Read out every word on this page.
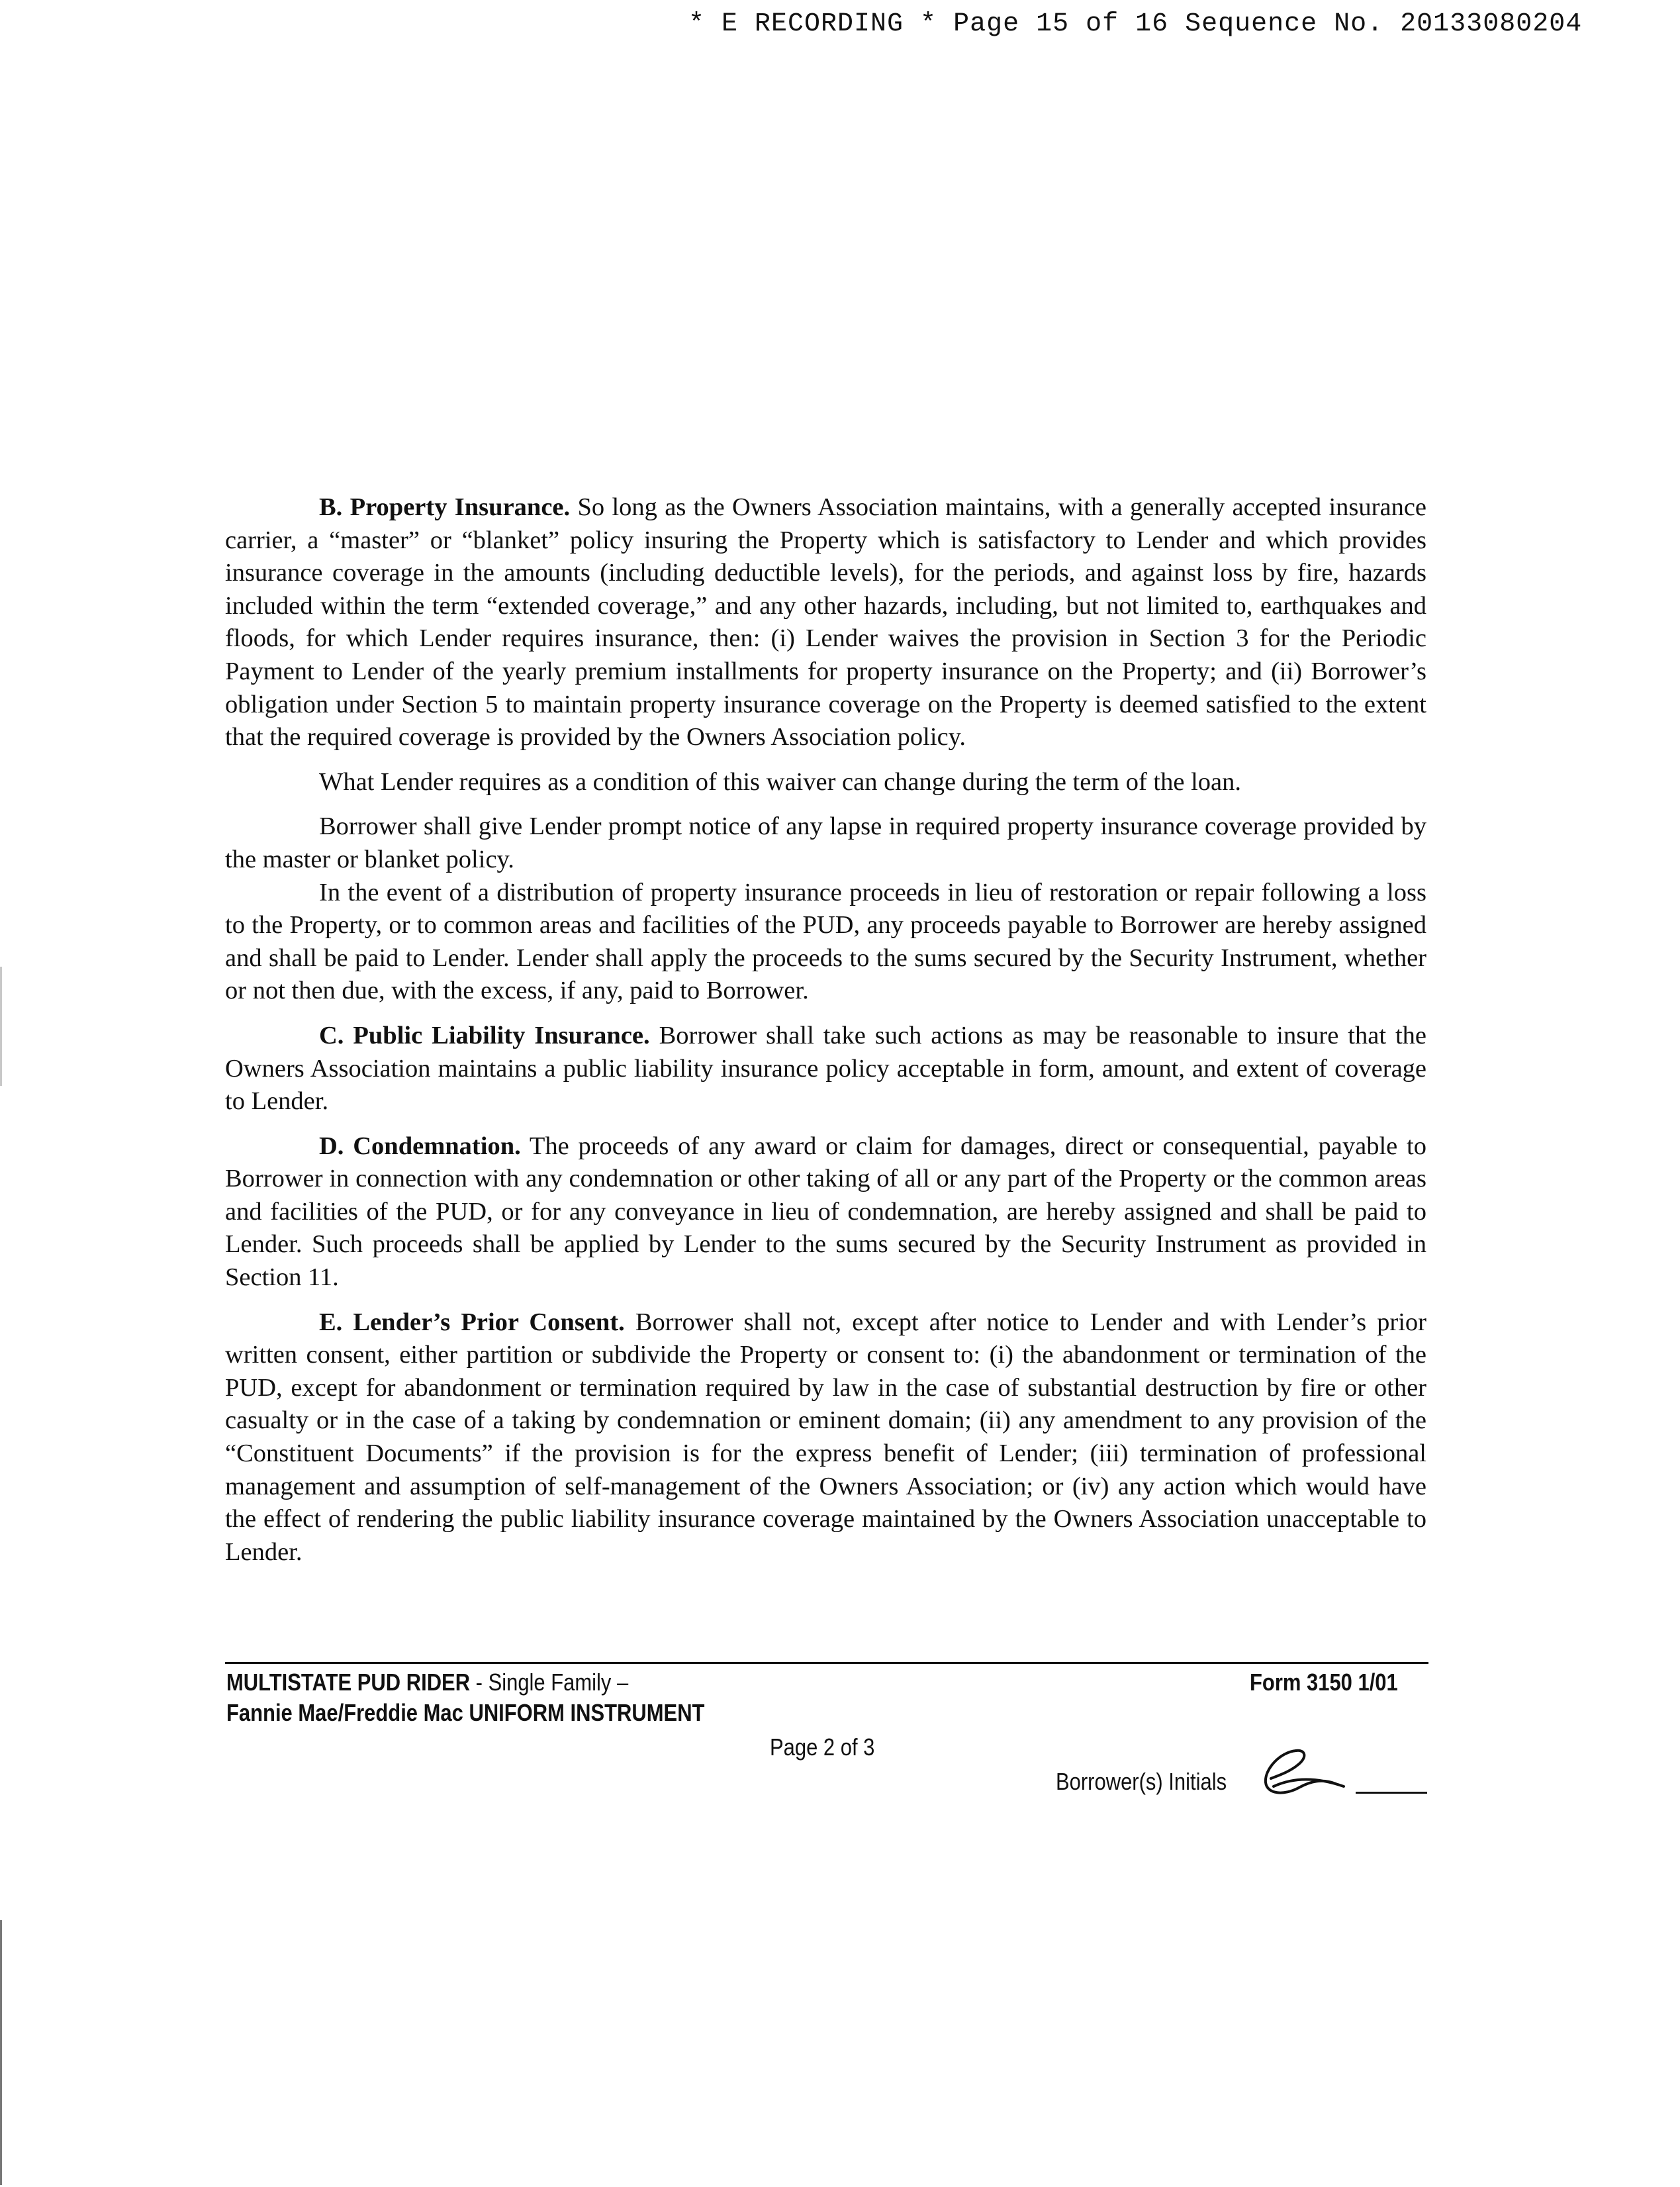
* E RECORDING * Page 15 of 16 Sequence No. 20133080204

B. Property Insurance. So long as the Owners Association maintains, with a generally accepted insurance carrier, a “master” or “blanket” policy insuring the Property which is satisfactory to Lender and which provides insurance coverage in the amounts (including deductible levels), for the periods, and against loss by fire, hazards included within the term “extended coverage,” and any other hazards, including, but not limited to, earthquakes and floods, for which Lender requires insurance, then: (i) Lender waives the provision in Section 3 for the Periodic Payment to Lender of the yearly premium installments for property insurance on the Property; and (ii) Borrower’s obligation under Section 5 to maintain property insurance coverage on the Property is deemed satisfied to the extent that the required coverage is provided by the Owners Association policy.

What Lender requires as a condition of this waiver can change during the term of the loan.

Borrower shall give Lender prompt notice of any lapse in required property insurance coverage provided by the master or blanket policy.

In the event of a distribution of property insurance proceeds in lieu of restoration or repair following a loss to the Property, or to common areas and facilities of the PUD, any proceeds payable to Borrower are hereby assigned and shall be paid to Lender. Lender shall apply the proceeds to the sums secured by the Security Instrument, whether or not then due, with the excess, if any, paid to Borrower.

C. Public Liability Insurance. Borrower shall take such actions as may be reasonable to insure that the Owners Association maintains a public liability insurance policy acceptable in form, amount, and extent of coverage to Lender.

D. Condemnation. The proceeds of any award or claim for damages, direct or consequential, payable to Borrower in connection with any condemnation or other taking of all or any part of the Property or the common areas and facilities of the PUD, or for any conveyance in lieu of condemnation, are hereby assigned and shall be paid to Lender. Such proceeds shall be applied by Lender to the sums secured by the Security Instrument as provided in Section 11.

E. Lender’s Prior Consent. Borrower shall not, except after notice to Lender and with Lender’s prior written consent, either partition or subdivide the Property or consent to: (i) the abandonment or termination of the PUD, except for abandonment or termination required by law in the case of substantial destruction by fire or other casualty or in the case of a taking by condemnation or eminent domain; (ii) any amendment to any provision of the “Constituent Documents” if the provision is for the express benefit of Lender; (iii) termination of professional management and assumption of self-management of the Owners Association; or (iv) any action which would have the effect of rendering the public liability insurance coverage maintained by the Owners Association unacceptable to Lender.

MULTISTATE PUD RIDER - Single Family –
Fannie Mae/Freddie Mac UNIFORM INSTRUMENT
Form 3150 1/01
Page 2 of 3
Borrower(s) Initials
